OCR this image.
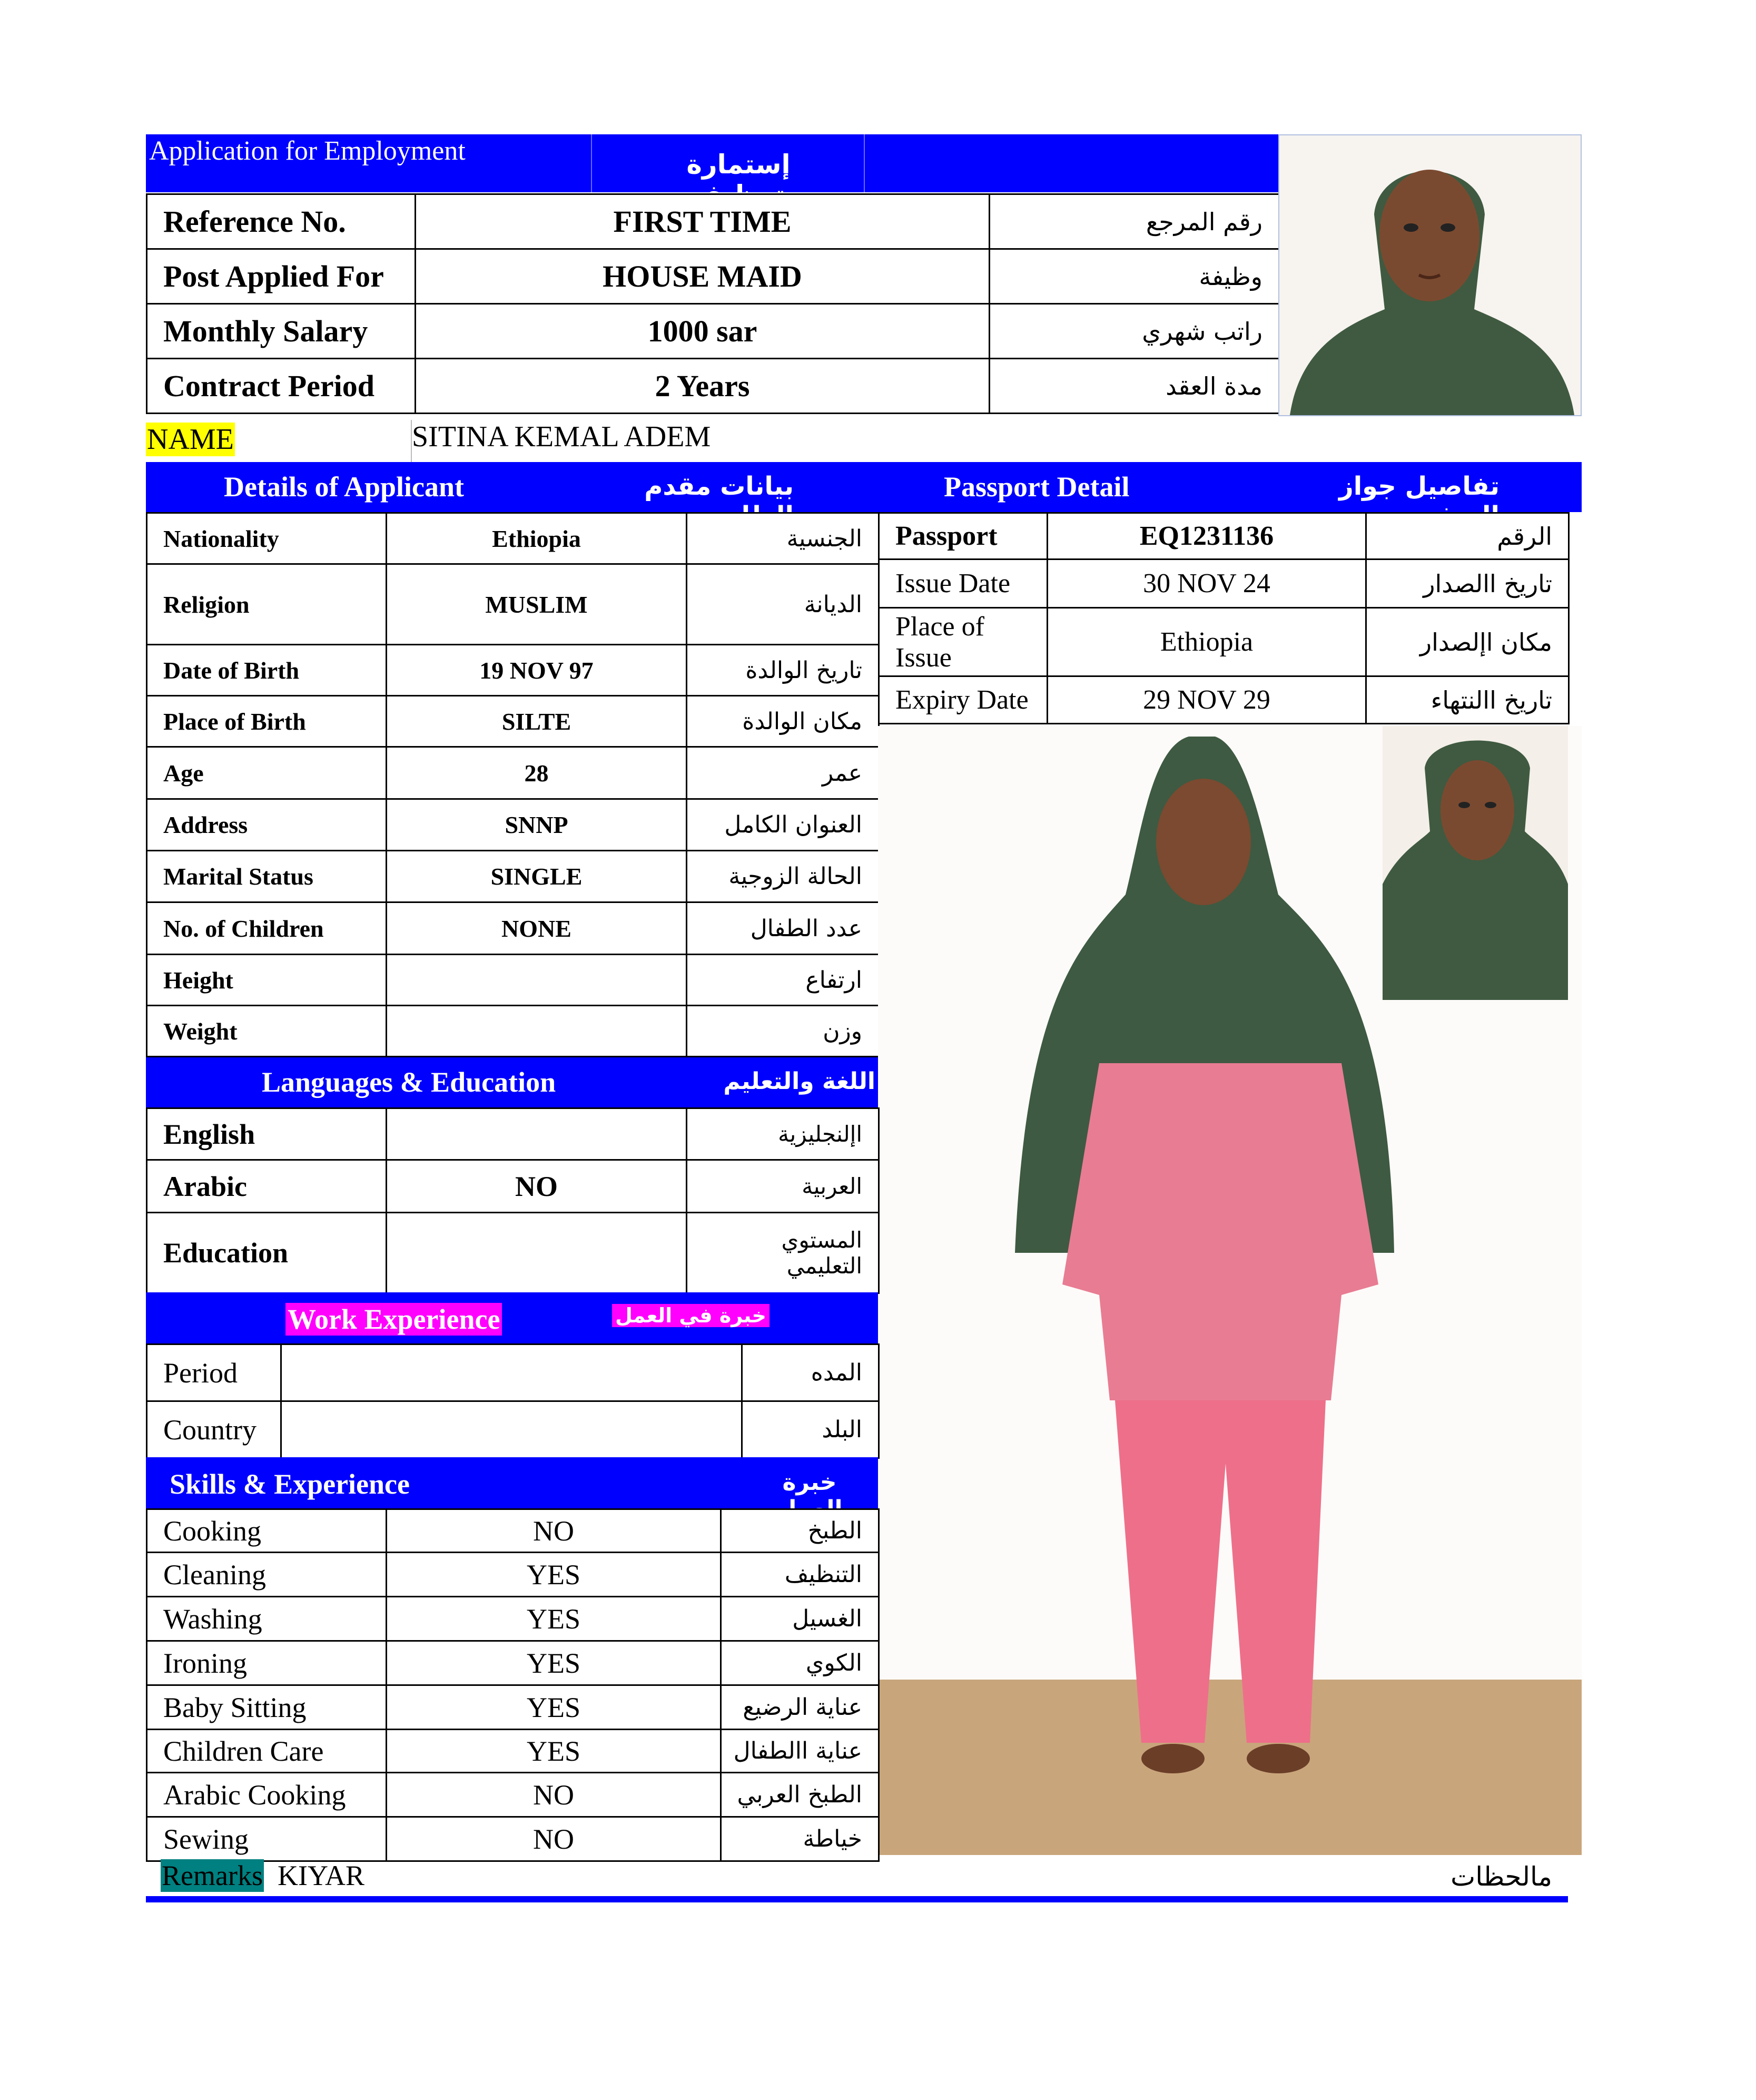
Application for Employment	إستمارة توظيف
Reference No.	FIRST TIME	رقم المرجع
Post Applied For	HOUSE MAID	وظيفة
Monthly Salary	1000 sar	راتب شهري
Contract Period	2 Years	مدة العقد
NAME	SITINA KEMAL ADEM
Details of Applicant	بيانات مقدم الطلب
Nationality	Ethiopia	الجنسية
Religion	MUSLIM	الديانة
Date of Birth	19 NOV 97	تاريخ الوالدة
Place of Birth	SILTE	مكان الوالدة
Age	28	عمر
Address	SNNP	العنوان الكامل
Marital Status	SINGLE	الحالة الزوجية
No. of Children	NONE	عدد الطفال
Height		ارتفاع
Weight		وزن
Passport Detail	تفاصيل جواز السفر
Passport	EQ1231136	الرقم
Issue Date	30 NOV 24	تاريخ االصدار
Place of Issue	Ethiopia	مكان اإلصدار
Expiry Date	29 NOV 29	تاريخ االنتهاء
Languages & Education	اللغة والتعليم
English		اإلنجليزية
Arabic	NO	العربية
Education		المستوي التعليمي
Work Experience	خبرة في العمل
Period		المده
Country		البلد
Skills & Experience	خبرة العمل
Cooking	NO	الطبخ
Cleaning	YES	التنظيف
Washing	YES	الغسيل
Ironing	YES	الكوي
Baby Sitting	YES	عناية الرضيع
Children Care	YES	عناية االطفال
Arabic Cooking	NO	الطبخ العربي
Sewing	NO	خياطة
Remarks KIYAR	مالحظات
